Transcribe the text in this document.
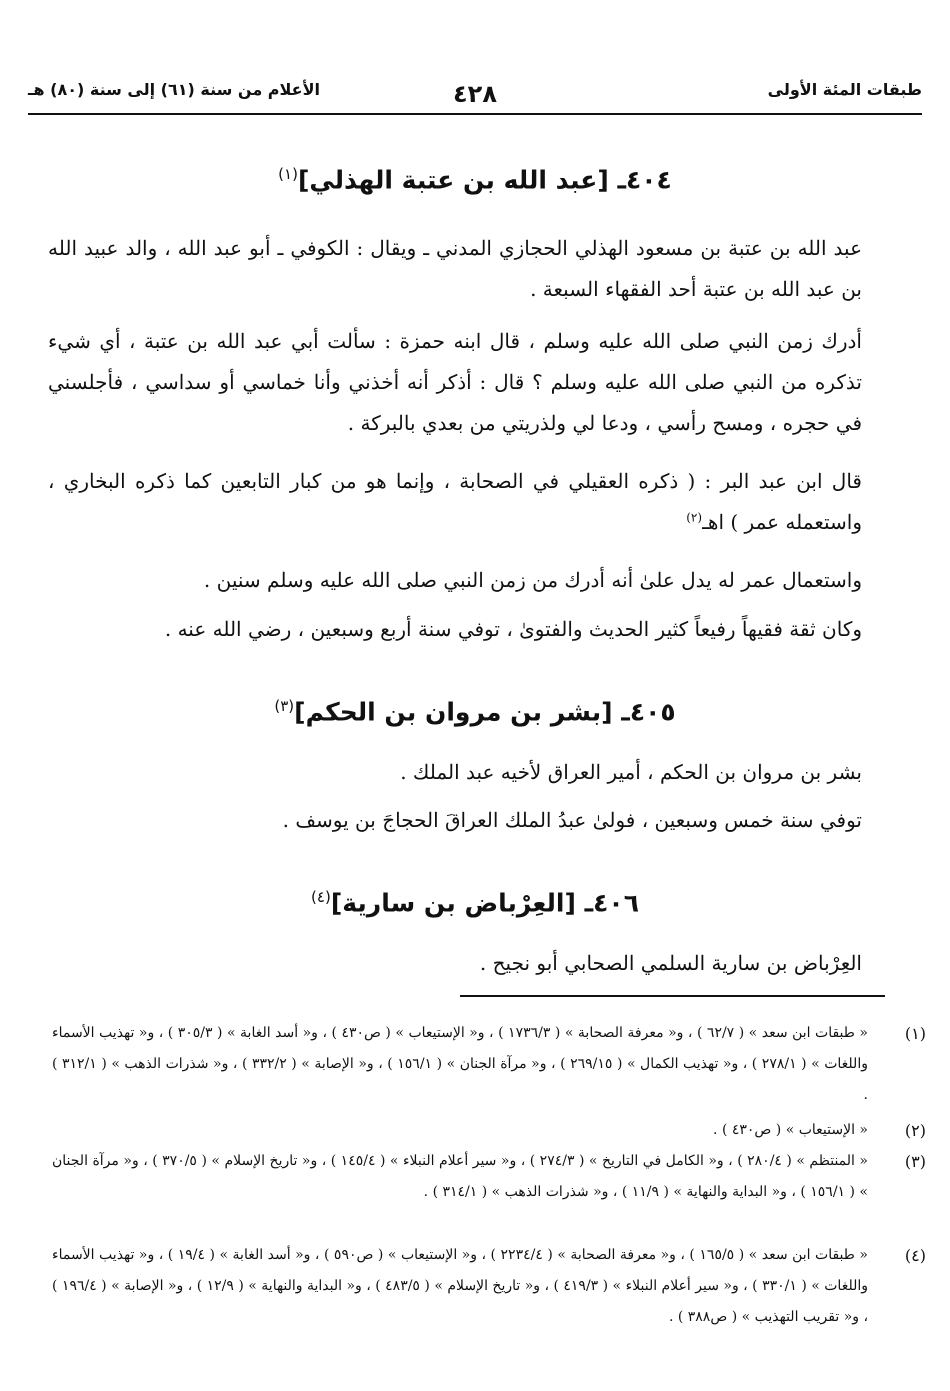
طبقات المئة الأولى
٤٢٨
الأعلام من سنة (٦١) إلى سنة (٨٠) هـ
٤٠٤ـ [عبد الله بن عتبة الهذلي]$^{(١)}$

عبد الله بن عتبة بن مسعود الهذلي الحجازي المدني ـ ويقال : الكوفي ـ أبو عبد الله ، والد عبيد الله بن عبد الله بن عتبة أحد الفقهاء السبعة .

أدرك زمن النبي صلى الله عليه وسلم ، قال ابنه حمزة : سألت أبي عبد الله بن عتبة ، أي شيء تذكره من النبي صلى الله عليه وسلم ؟ قال : أذكر أنه أخذني وأنا خماسي أو سداسي ، فأجلسني في حجره ، ومسح رأسي ، ودعا لي ولذريتي من بعدي بالبركة .

قال ابن عبد البر : ( ذكره العقيلي في الصحابة ، وإنما هو من كبار التابعين كما ذكره البخاري ، واستعمله عمر ) اهـ$^{(٢)}$

واستعمال عمر له يدل علىٰ أنه أدرك من زمن النبي صلى الله عليه وسلم سنين .

وكان ثقة فقيهاً رفيعاً كثير الحديث والفتوىٰ ، توفي سنة أربع وسبعين ، رضي الله عنه .

٤٠٥ـ [بشر بن مروان بن الحكم]$^{(٣)}$

بشر بن مروان بن الحكم ، أمير العراق لأخيه عبد الملك .

توفي سنة خمس وسبعين ، فولىٰ عبدُ الملك العراقَ الحجاجَ بن يوسف .

٤٠٦ـ [العِرْباض بن سارية]$^{(٤)}$

العِرْباض بن سارية السلمي الصحابي أبو نجيح .

(١)
« طبقات ابن سعد » ( ٦٢/٧ ) ، و« معرفة الصحابة » ( ١٧٣٦/٣ ) ، و« الإستيعاب » ( ص٤٣٠ ) ، و« أسد الغابة » ( ٣٠٥/٣ ) ، و« تهذيب الأسماء واللغات » ( ٢٧٨/١ ) ، و« تهذيب الكمال » ( ٢٦٩/١٥ ) ، و« مرآة الجنان » ( ١٥٦/١ ) ، و« الإصابة » ( ٣٣٢/٢ ) ، و« شذرات الذهب » ( ٣١٢/١ ) .
(٢)
« الإستيعاب » ( ص٤٣٠ ) .
(٣)
« المنتظم » ( ٢٨٠/٤ ) ، و« الكامل في التاريخ » ( ٢٧٤/٣ ) ، و« سير أعلام النبلاء » ( ١٤٥/٤ ) ، و« تاريخ الإسلام » ( ٣٧٠/٥ ) ، و« مرآة الجنان » ( ١٥٦/١ ) ، و« البداية والنهاية » ( ١١/٩ ) ، و« شذرات الذهب » ( ٣١٤/١ ) .
(٤)
« طبقات ابن سعد » ( ١٦٥/٥ ) ، و« معرفة الصحابة » ( ٢٢٣٤/٤ ) ، و« الإستيعاب » ( ص٥٩٠ ) ، و« أسد الغابة » ( ١٩/٤ ) ، و« تهذيب الأسماء واللغات » ( ٣٣٠/١ ) ، و« سير أعلام النبلاء » ( ٤١٩/٣ ) ، و« تاريخ الإسلام » ( ٤٨٣/٥ ) ، و« البداية والنهاية » ( ١٢/٩ ) ، و« الإصابة » ( ١٩٦/٤ ) ، و« تقريب التهذيب » ( ص٣٨٨ ) .
